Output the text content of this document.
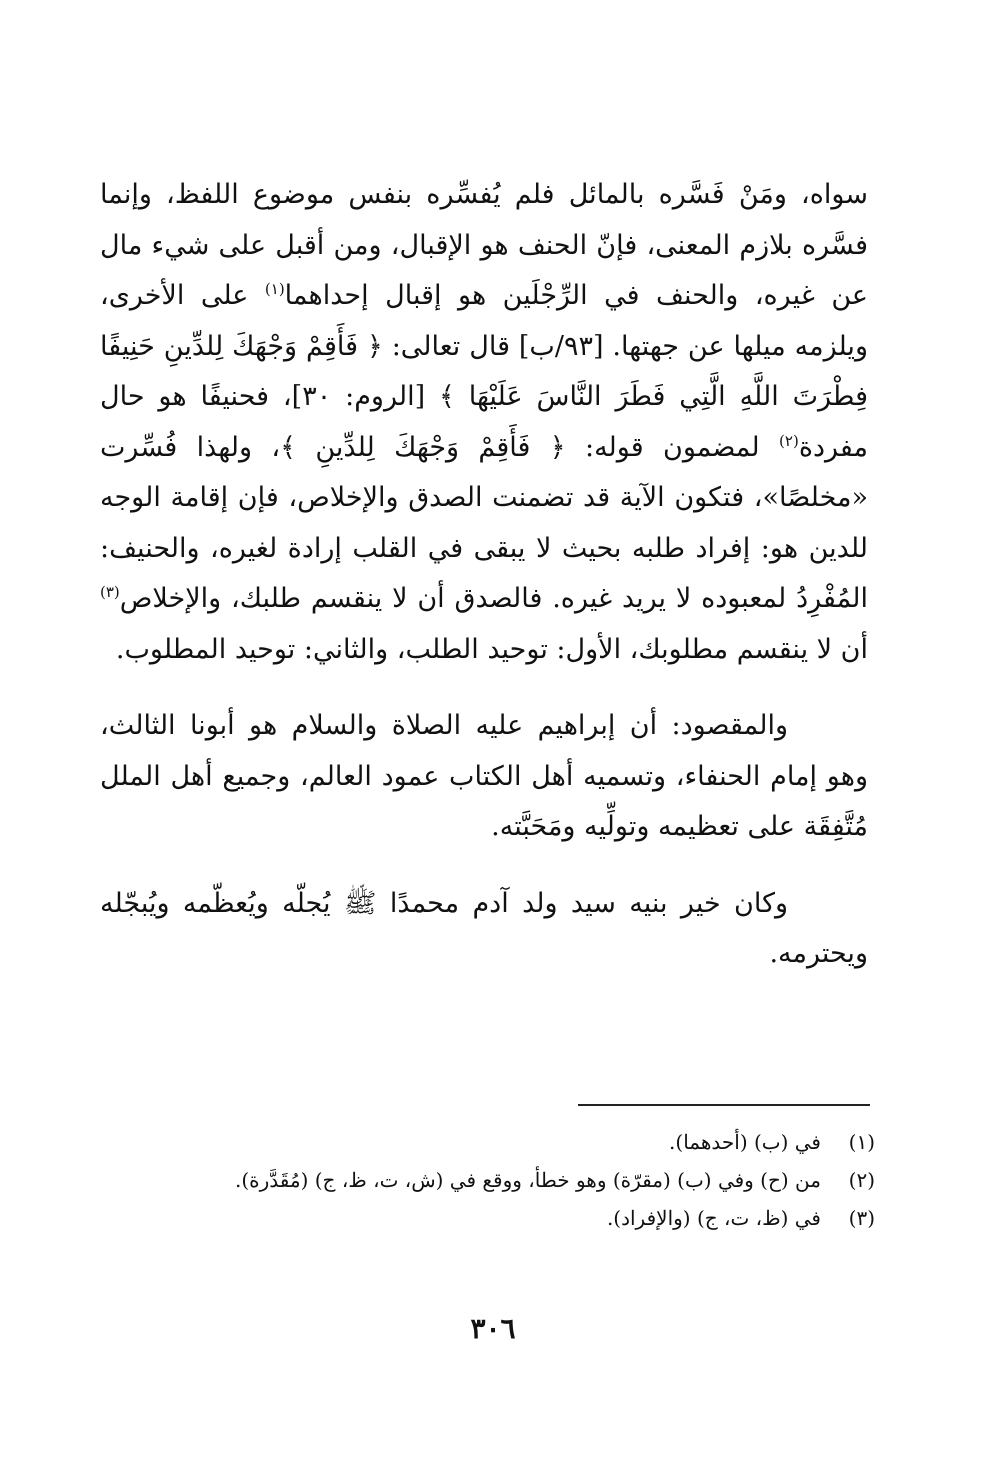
سواه، ومَنْ فَسَّره بالمائل فلم يُفسِّره بنفس موضوع اللفظ، وإنما فسَّره بلازم المعنى، فإنّ الحنف هو الإقبال، ومن أقبل على شيء مال عن غيره، والحنف في الرِّجْلَين هو إقبال إحداهما$^{(١)}$ على الأخرى، ويلزمه ميلها عن جهتها. [٩٣/ب] قال تعالى: ﴿ فَأَقِمْ وَجْهَكَ لِلدِّينِ حَنِيفًا فِطْرَتَ اللَّهِ الَّتِي فَطَرَ النَّاسَ عَلَيْهَا ﴾ [الروم: ٣٠]، فحنيفًا هو حال مفردة$^{(٢)}$ لمضمون قوله: ﴿ فَأَقِمْ وَجْهَكَ لِلدِّينِ ﴾، ولهذا فُسِّرت «مخلصًا»، فتكون الآية قد تضمنت الصدق والإخلاص، فإن إقامة الوجه للدين هو: إفراد طلبه بحيث لا يبقى في القلب إرادة لغيره، والحنيف: المُفْرِدُ لمعبوده لا يريد غيره. فالصدق أن لا ينقسم طلبك، والإخلاص$^{(٣)}$ أن لا ينقسم مطلوبك، الأول: توحيد الطلب، والثاني: توحيد المطلوب.

والمقصود: أن إبراهيم عليه الصلاة والسلام هو أبونا الثالث، وهو إمام الحنفاء، وتسميه أهل الكتاب عمود العالم، وجميع أهل الملل مُتَّفِقَة على تعظيمه وتولِّيه ومَحَبَّته.

وكان خير بنيه سيد ولد آدم محمدًا ﷺ يُجلّه ويُعظّمه ويُبجّله ويحترمه.

(١)
في (ب) (أحدهما).
(٢)
من (ح) وفي (ب) (مقرّة) وهو خطأ، ووقع في (ش، ت، ظ، ج) (مُقَدَّرة).
(٣)
في (ظ، ت، ج) (والإفراد).
٣٠٦
